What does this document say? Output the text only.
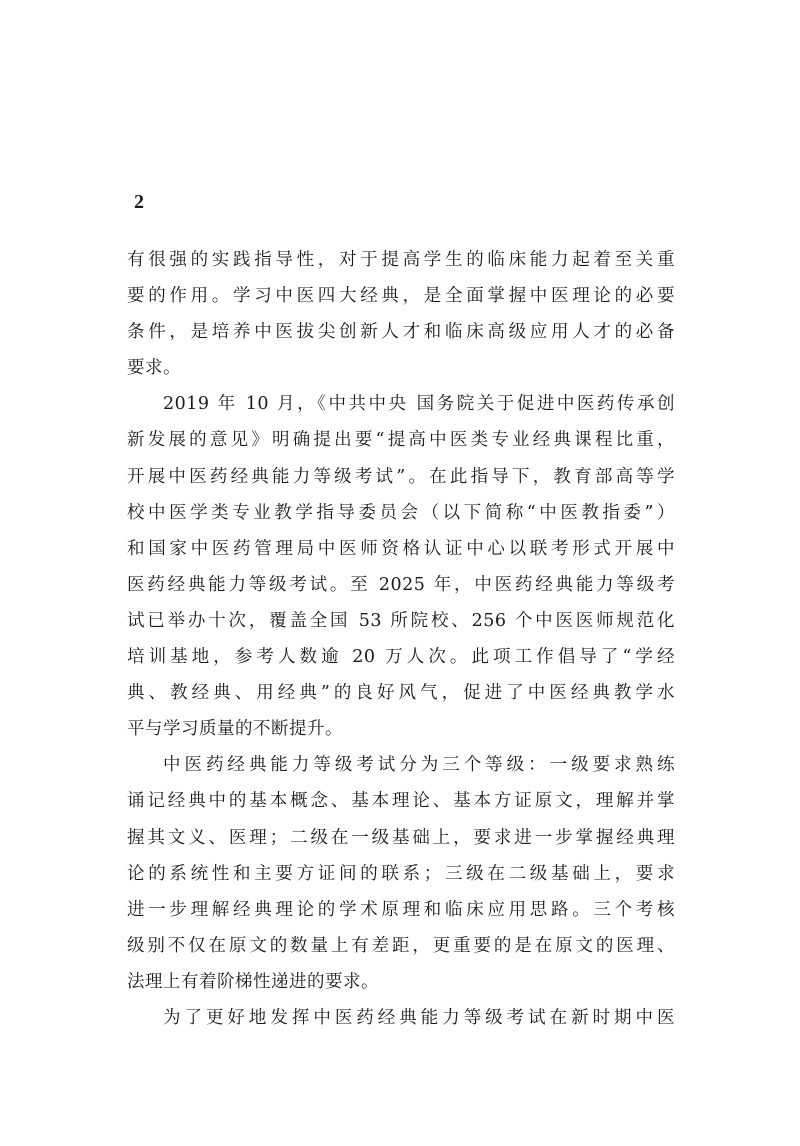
2
有很强的实践指导性，对于提高学生的临床能力起着至关重
要的作用。学习中医四大经典，是全面掌握中医理论的必要
条件，是培养中医拔尖创新人才和临床高级应用人才的必备
要求。
2019 年 10 月，《中共中央 国务院关于促进中医药传承创
新发展的意见》明确提出要“提高中医类专业经典课程比重，
开展中医药经典能力等级考试”。在此指导下，教育部高等学
校中医学类专业教学指导委员会（以下简称“中医教指委”）
和国家中医药管理局中医师资格认证中心以联考形式开展中
医药经典能力等级考试。至 2025 年，中医药经典能力等级考
试已举办十次，覆盖全国 53 所院校、256 个中医医师规范化
培训基地，参考人数逾 20 万人次。此项工作倡导了“学经
典、教经典、用经典”的良好风气，促进了中医经典教学水
平与学习质量的不断提升。
中医药经典能力等级考试分为三个等级：一级要求熟练
诵记经典中的基本概念、基本理论、基本方证原文，理解并掌
握其文义、医理；二级在一级基础上，要求进一步掌握经典理
论的系统性和主要方证间的联系；三级在二级基础上，要求
进一步理解经典理论的学术原理和临床应用思路。三个考核
级别不仅在原文的数量上有差距，更重要的是在原文的医理、
法理上有着阶梯性递进的要求。
为了更好地发挥中医药经典能力等级考试在新时期中医
